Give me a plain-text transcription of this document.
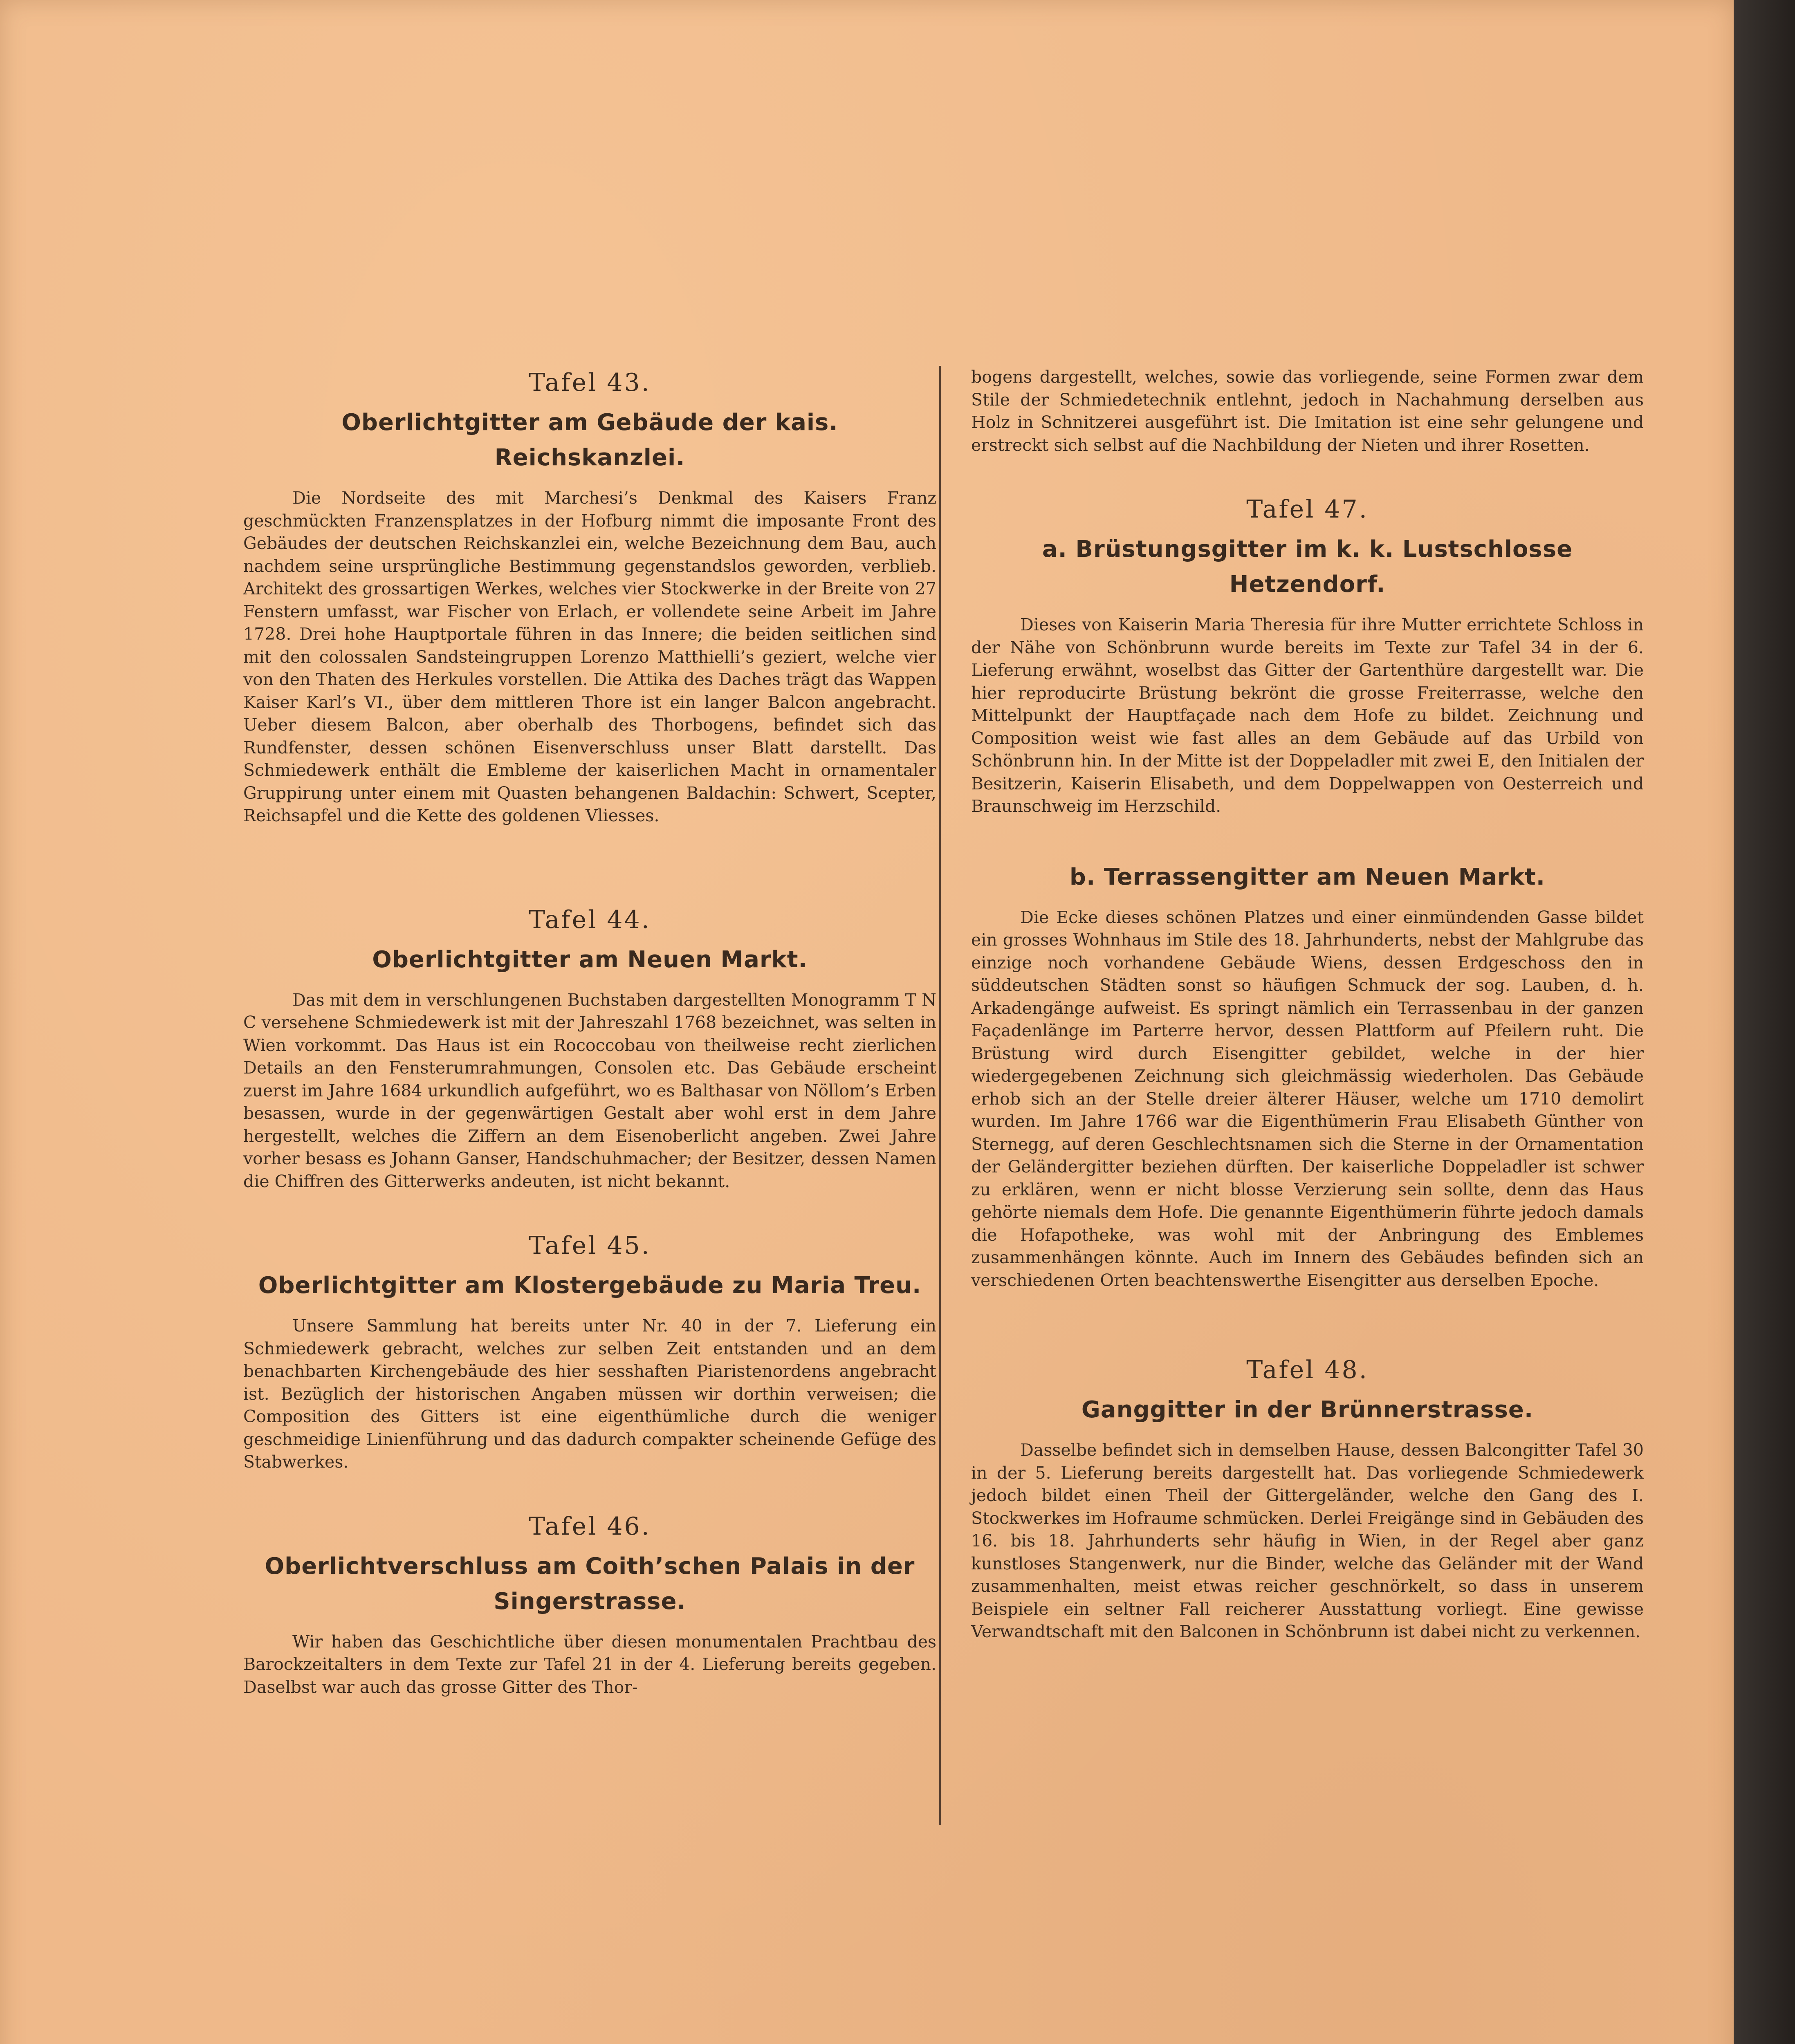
Tafel 43.
Oberlichtgitter am Gebäude der kais. Reichskanzlei.

Die Nordseite des mit Marchesi’s Denkmal des Kaisers Franz geschmückten Franzensplatzes in der Hofburg nimmt die imposante Front des Gebäudes der deutschen Reichskanzlei ein, welche Bezeichnung dem Bau, auch nachdem seine ursprüngliche Bestimmung gegenstandslos geworden, verblieb. Architekt des grossartigen Werkes, welches vier Stockwerke in der Breite von 27 Fenstern umfasst, war Fischer von Erlach, er vollendete seine Arbeit im Jahre 1728. Drei hohe Hauptportale führen in das Innere; die beiden seitlichen sind mit den colossalen Sandsteingruppen Lorenzo Matthielli’s geziert, welche vier von den Thaten des Herkules vorstellen. Die Attika des Daches trägt das Wappen Kaiser Karl’s VI., über dem mittleren Thore ist ein langer Balcon angebracht. Ueber diesem Balcon, aber oberhalb des Thorbogens, befindet sich das Rundfenster, dessen schönen Eisenverschluss unser Blatt darstellt. Das Schmiedewerk enthält die Embleme der kaiserlichen Macht in ornamentaler Gruppirung unter einem mit Quasten behangenen Baldachin: Schwert, Scepter, Reichsapfel und die Kette des goldenen Vliesses.

Tafel 44.
Oberlichtgitter am Neuen Markt.

Das mit dem in verschlungenen Buchstaben dargestellten Monogramm T N C versehene Schmiedewerk ist mit der Jahreszahl 1768 bezeichnet, was selten in Wien vorkommt. Das Haus ist ein Rococcobau von theilweise recht zierlichen Details an den Fensterumrahmungen, Consolen etc. Das Gebäude erscheint zuerst im Jahre 1684 urkundlich aufgeführt, wo es Balthasar von Nöllom’s Erben besassen, wurde in der gegenwärtigen Gestalt aber wohl erst in dem Jahre hergestellt, welches die Ziffern an dem Eisenoberlicht angeben. Zwei Jahre vorher besass es Johann Ganser, Handschuhmacher; der Besitzer, dessen Namen die Chiffren des Gitterwerks andeuten, ist nicht bekannt.

Tafel 45.
Oberlichtgitter am Klostergebäude zu Maria Treu.

Unsere Sammlung hat bereits unter Nr. 40 in der 7. Lieferung ein Schmiedewerk gebracht, welches zur selben Zeit entstanden und an dem benachbarten Kirchengebäude des hier sesshaften Piaristenordens angebracht ist. Bezüglich der historischen Angaben müssen wir dorthin verweisen; die Composition des Gitters ist eine eigenthümliche durch die weniger geschmeidige Linienführung und das dadurch compakter scheinende Gefüge des Stabwerkes.

Tafel 46.
Oberlichtverschluss am Coith’schen Palais in der Singerstrasse.

Wir haben das Geschichtliche über diesen monumentalen Prachtbau des Barockzeitalters in dem Texte zur Tafel 21 in der 4. Lieferung bereits gegeben. Daselbst war auch das grosse Gitter des Thor-

bogens dargestellt, welches, sowie das vorliegende, seine Formen zwar dem Stile der Schmiedetechnik entlehnt, jedoch in Nachahmung derselben aus Holz in Schnitzerei ausgeführt ist. Die Imitation ist eine sehr gelungene und erstreckt sich selbst auf die Nachbildung der Nieten und ihrer Rosetten.

Tafel 47.
a. Brüstungsgitter im k. k. Lustschlosse Hetzendorf.

Dieses von Kaiserin Maria Theresia für ihre Mutter errichtete Schloss in der Nähe von Schönbrunn wurde bereits im Texte zur Tafel 34 in der 6. Lieferung erwähnt, woselbst das Gitter der Gartenthüre dargestellt war. Die hier reproducirte Brüstung bekrönt die grosse Freiterrasse, welche den Mittelpunkt der Hauptfaçade nach dem Hofe zu bildet. Zeichnung und Composition weist wie fast alles an dem Gebäude auf das Urbild von Schönbrunn hin. In der Mitte ist der Doppeladler mit zwei E, den Initialen der Besitzerin, Kaiserin Elisabeth, und dem Doppelwappen von Oesterreich und Braunschweig im Herzschild.

b. Terrassengitter am Neuen Markt.

Die Ecke dieses schönen Platzes und einer einmündenden Gasse bildet ein grosses Wohnhaus im Stile des 18. Jahrhunderts, nebst der Mahlgrube das einzige noch vorhandene Gebäude Wiens, dessen Erdgeschoss den in süddeutschen Städten sonst so häufigen Schmuck der sog. Lauben, d. h. Arkadengänge aufweist. Es springt nämlich ein Terrassenbau in der ganzen Façadenlänge im Parterre hervor, dessen Plattform auf Pfeilern ruht. Die Brüstung wird durch Eisengitter gebildet, welche in der hier wiedergegebenen Zeichnung sich gleichmässig wiederholen. Das Gebäude erhob sich an der Stelle dreier älterer Häuser, welche um 1710 demolirt wurden. Im Jahre 1766 war die Eigenthümerin Frau Elisabeth Günther von Sternegg, auf deren Geschlechtsnamen sich die Sterne in der Ornamentation der Geländergitter beziehen dürften. Der kaiserliche Doppeladler ist schwer zu erklären, wenn er nicht blosse Verzierung sein sollte, denn das Haus gehörte niemals dem Hofe. Die genannte Eigenthümerin führte jedoch damals die Hofapotheke, was wohl mit der Anbringung des Emblemes zusammenhängen könnte. Auch im Innern des Gebäudes befinden sich an verschiedenen Orten beachtenswerthe Eisengitter aus derselben Epoche.

Tafel 48.
Ganggitter in der Brünnerstrasse.

Dasselbe befindet sich in demselben Hause, dessen Balcongitter Tafel 30 in der 5. Lieferung bereits dargestellt hat. Das vorliegende Schmiedewerk jedoch bildet einen Theil der Gittergeländer, welche den Gang des I. Stockwerkes im Hofraume schmücken. Derlei Freigänge sind in Gebäuden des 16. bis 18. Jahrhunderts sehr häufig in Wien, in der Regel aber ganz kunstloses Stangenwerk, nur die Binder, welche das Geländer mit der Wand zusammenhalten, meist etwas reicher geschnörkelt, so dass in unserem Beispiele ein seltner Fall reicherer Ausstattung vorliegt. Eine gewisse Verwandtschaft mit den Balconen in Schönbrunn ist dabei nicht zu verkennen.
